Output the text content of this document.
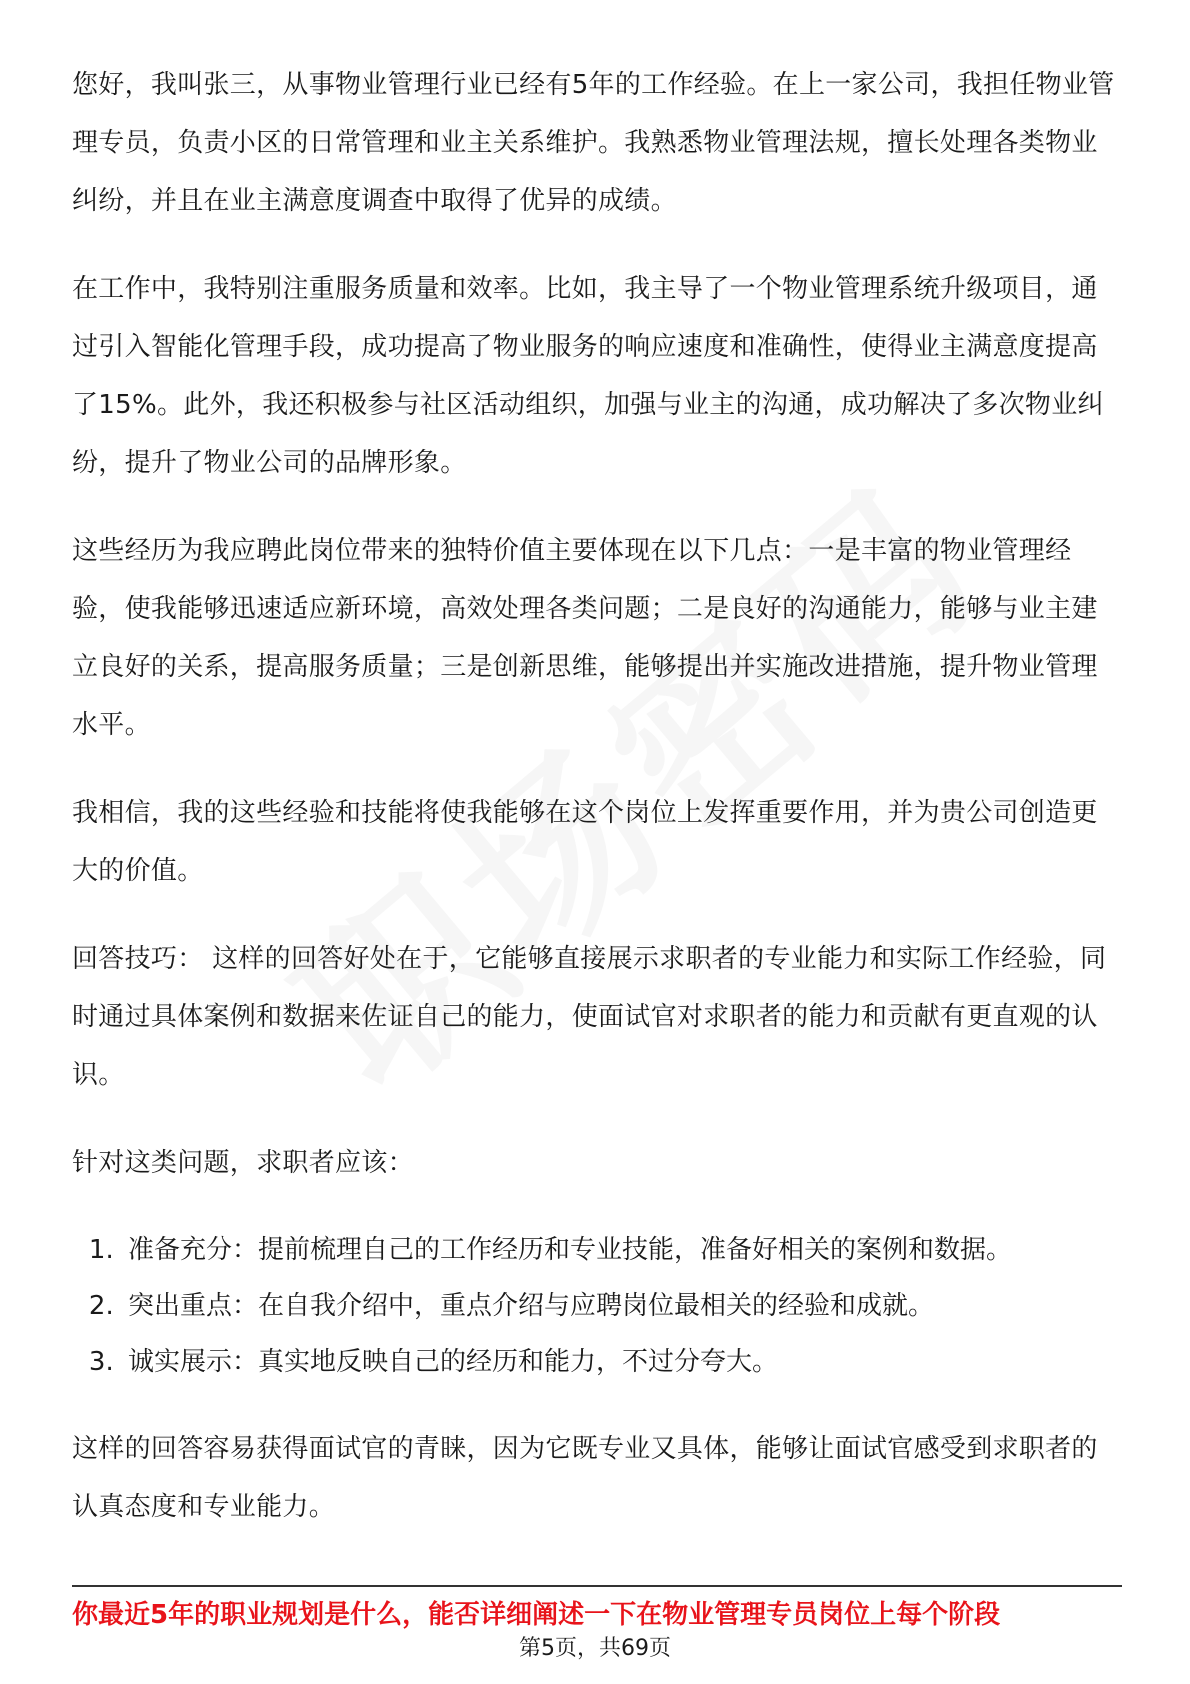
您好，我叫张三，从事物业管理行业已经有5年的工作经验。在上一家公司，我担任物业管理专员，负责小区的日常管理和业主关系维护。我熟悉物业管理法规，擅长处理各类物业纠纷，并且在业主满意度调查中取得了优异的成绩。

在工作中，我特别注重服务质量和效率。比如，我主导了一个物业管理系统升级项目，通过引入智能化管理手段，成功提高了物业服务的响应速度和准确性，使得业主满意度提高了15%。此外，我还积极参与社区活动组织，加强与业主的沟通，成功解决了多次物业纠纷，提升了物业公司的品牌形象。

这些经历为我应聘此岗位带来的独特价值主要体现在以下几点：一是丰富的物业管理经验，使我能够迅速适应新环境，高效处理各类问题；二是良好的沟通能力，能够与业主建立良好的关系，提高服务质量；三是创新思维，能够提出并实施改进措施，提升物业管理水平。

我相信，我的这些经验和技能将使我能够在这个岗位上发挥重要作用，并为贵公司创造更大的价值。

回答技巧： 这样的回答好处在于，它能够直接展示求职者的专业能力和实际工作经验，同时通过具体案例和数据来佐证自己的能力，使面试官对求职者的能力和贡献有更直观的认识。

针对这类问题，求职者应该：

1. 准备充分：提前梳理自己的工作经历和专业技能，准备好相关的案例和数据。
2. 突出重点：在自我介绍中，重点介绍与应聘岗位最相关的经验和成就。
3. 诚实展示：真实地反映自己的经历和能力，不过分夸大。

这样的回答容易获得面试官的青睐，因为它既专业又具体，能够让面试官感受到求职者的认真态度和专业能力。

你最近5年的职业规划是什么，能否详细阐述一下在物业管理专员岗位上每个阶段
第5页，共69页
